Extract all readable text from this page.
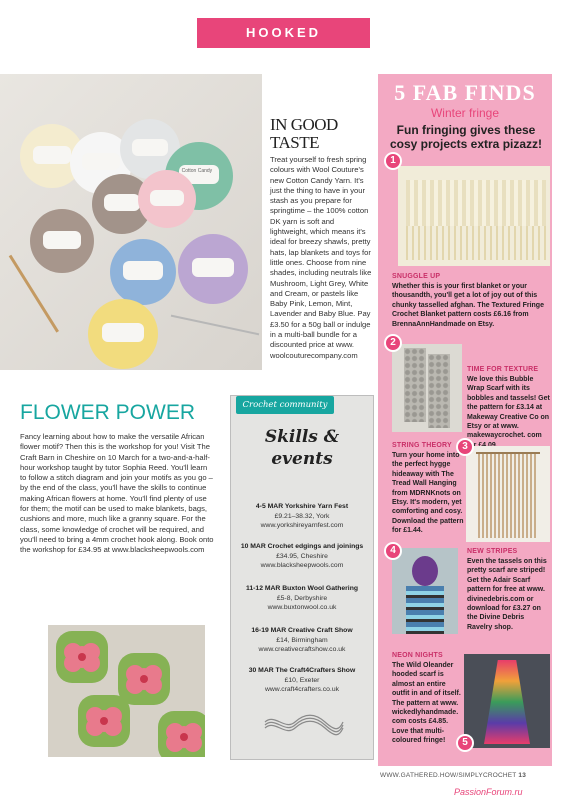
HOOKED
Cotton Candy
IN GOOD TASTE

Treat yourself to fresh spring colours with Wool Couture's new Cotton Candy Yarn. It's just the thing to have in your stash as you prepare for springtime – the 100% cotton DK yarn is soft and lightweight, which means it's ideal for breezy shawls, pretty hats, lap blankets and toys for little ones. Choose from nine shades, including neutrals like Mushroom, Light Grey, White and Cream, or pastels like Baby Pink, Lemon, Mint, Lavender and Baby Blue. Pay £3.50 for a 50g ball or indulge in a multi-ball bundle for a discounted price at www. woolcouturecompany.com

FLOWER POWER

Fancy learning about how to make the versatile African flower motif? Then this is the workshop for you! Visit The Craft Barn in Cheshire on 10 March for a two-and-a-half-hour workshop taught by tutor Sophia Reed. You'll learn to follow a stitch diagram and join your motifs as you go – by the end of the class, you'll have the skills to continue making African flowers at home. You'll find plenty of use for them; the motif can be used to make blankets, bags, cushions and more, much like a granny square. For the class, some knowledge of crochet will be required, and you'll need to bring a 4mm crochet hook along. Book onto the workshop for £34.95 at www.blacksheepwools.com

Skills &
events
4-5 MAR Yorkshire Yarn Fest
£9.21–38.32, York
www.yorkshireyarnfest.com
10 MAR Crochet edgings and joinings
£34.95, Cheshire
www.blacksheepwools.com
11-12 MAR Buxton Wool Gathering
£5-8, Derbyshire
www.buxtonwool.co.uk
16-19 MAR Creative Craft Show
£14, Birmingham
www.creativecraftshow.co.uk
30 MAR The Craft4Crafters Show
£10, Exeter
www.craft4crafters.co.uk
Crochet community
5 FAB FINDS
Winter fringe
Fun fringing gives these cosy projects extra pizazz!
1
SNUGGLE UP
Whether this is your first blanket or your thousandth, you'll get a lot of joy out of this chunky tasselled afghan. The Textured Fringe Crochet Blanket pattern costs £6.16 from BrennaAnnHandmade on Etsy.
2
TIME FOR TEXTURE
We love this Bubble Wrap Scarf with its bobbles and tassels! Get the pattern for £3.14 at Makeway Creative Co on Etsy or at www. makewaycrochet. com
3
STRING THEORY
Turn your home into the perfect hygge hideaway with The Tread Wall Hanging from MDRNKnots on Etsy. It's modern, yet comforting and cosy. Download the pattern for £1.44.
4	NEW STRIPES
Even the tassels on this pretty scarf are striped! Get the Adair Scarf pattern for free at www. divinedebris.com or download for £3.27 on the Divine Debris Ravelry shop.
5
NEON NIGHTS
The Wild Oleander hooded scarf is almost an entire outfit in and of itself. The pattern at www. wickedlyhandmade. com costs £4.85. Love that multi-coloured fringe!
WWW.GATHERED.HOW/SIMPLYCROCHET 13
PassionForum.ru
